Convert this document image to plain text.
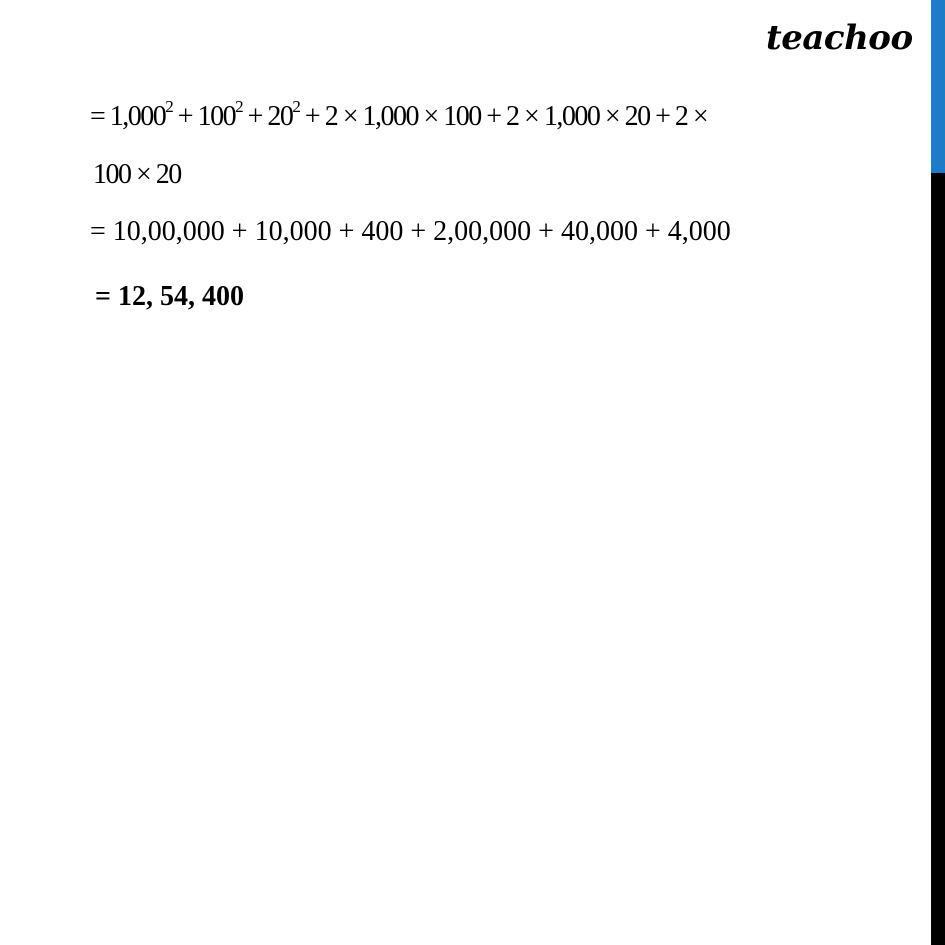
teachoo
= $1,000^2 + 100^2 + 20^2 + 2 \times 1,000 \times 100 + 2 \times 1,000 \times 20 + 2$ ×
100 × 20
= 10,00,000 + 10,000 + 400 + 2,00,000 + 40,000 + 4,000
= 12, 54, 400
